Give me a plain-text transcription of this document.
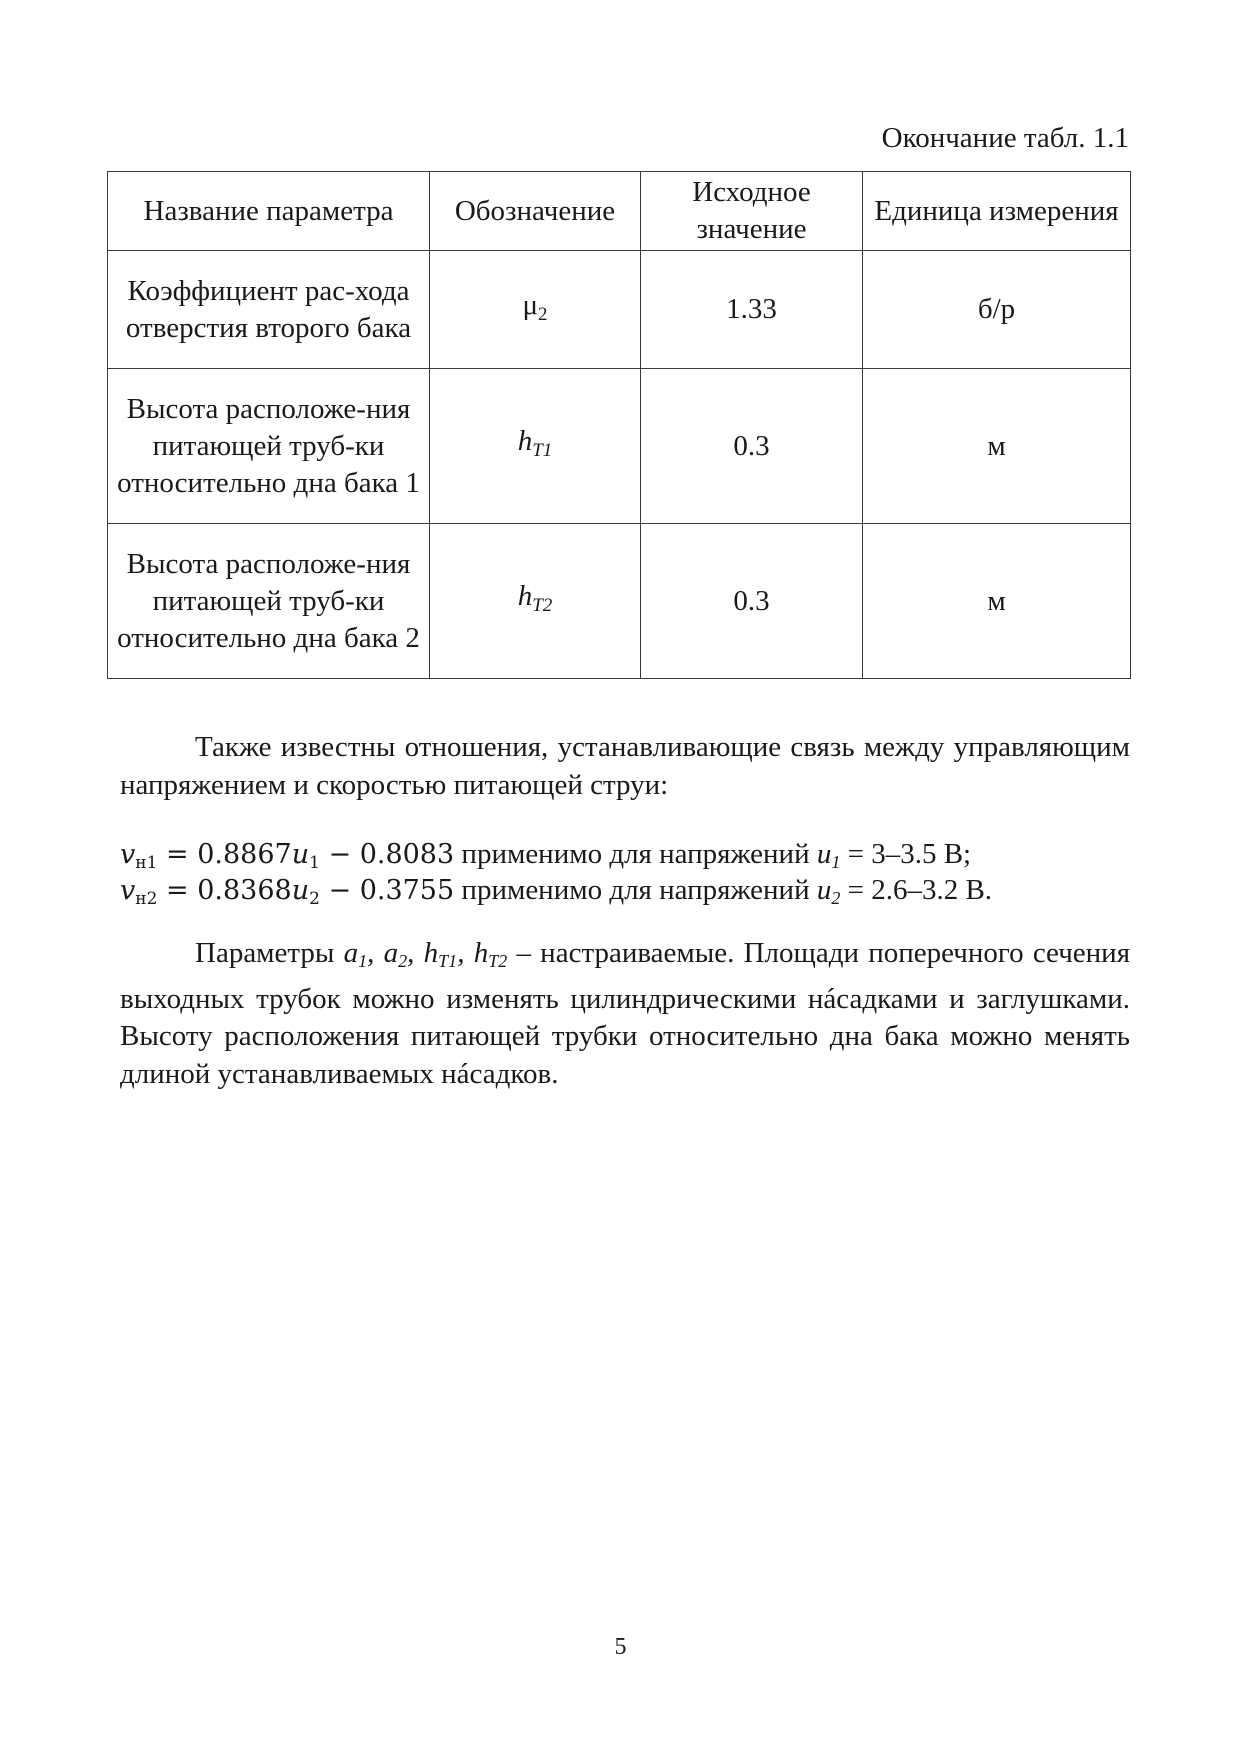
Окончание табл. 1.1
Название параметра	Обозначение	Исходное значение	Единица измерения
Коэффициент рас-хода отверстия второго бака	$\mu_2$	1.33	б/р
Высота расположе-ния питающей труб-ки относительно дна бака 1	$h_{T1}$	0.3	м
Высота расположе-ния питающей труб-ки относительно дна бака 2	$h_{T2}$	0.3	м

Также известны отношения, устанавливающие связь между управляющим напряжением и скоростью питающей струи:

$v_{н1} = 0.8867u_1 - 0.8083$ применимо для напряжений $u_1 = 3-3.5$ В;
$v_{н2} = 0.8368u_2 - 0.3755$ применимо для напряжений $u_2 = 2.6-3.2$ В.

Параметры $a_1$, $a_2$, $h_{T1}$, $h_{T2}$ – настраиваемые. Площади поперечного сечения выходных трубок можно изменять цилиндрическими нáсадками и заглушками. Высоту расположения питающей трубки относительно дна бака можно менять длиной устанавливаемых нáсадков.

5
